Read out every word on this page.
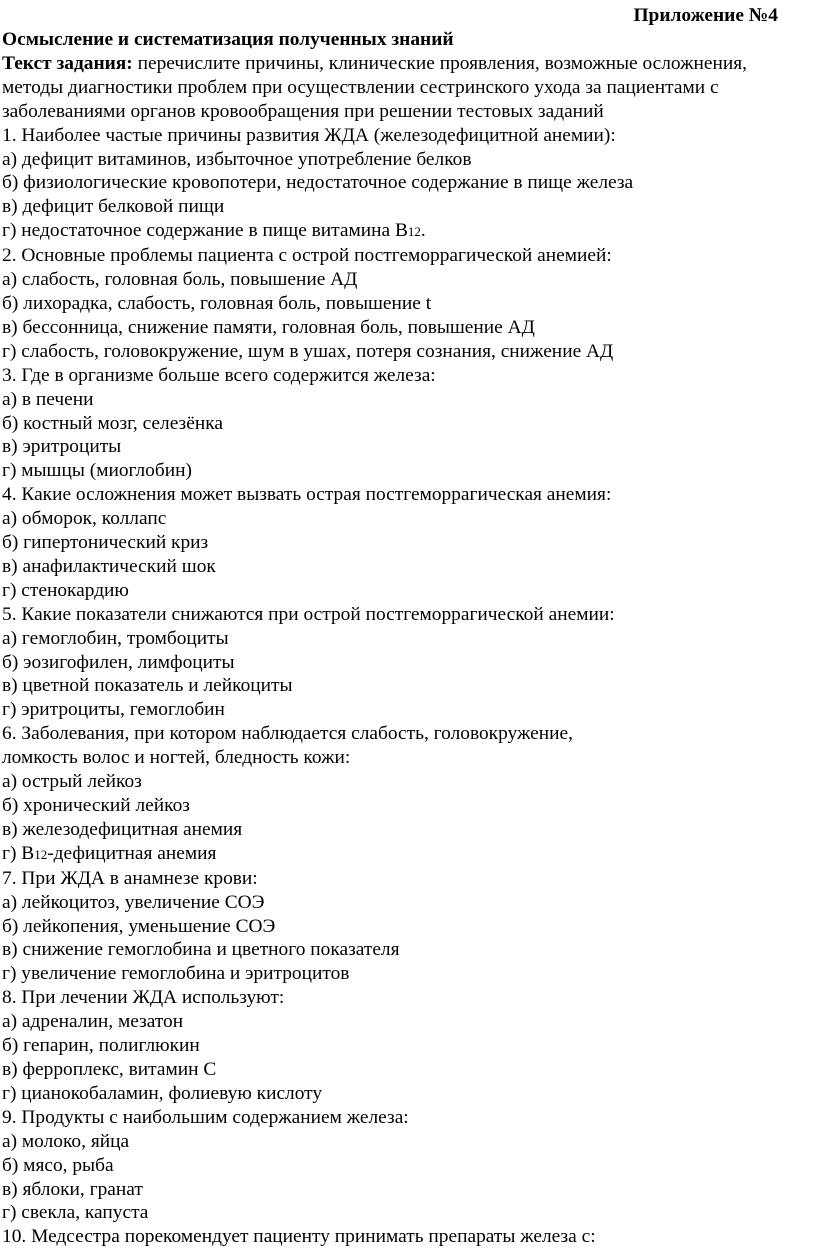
Приложение №4
Осмысление и систематизация полученных знаний
Текст задания: перечислите причины, клинические проявления, возможные осложнения,
методы диагностики проблем при осуществлении сестринского ухода за пациентами с
заболеваниями органов кровообращения при решении тестовых заданий
1. Наиболее частые причины развития ЖДА (железодефицитной анемии):
а) дефицит витаминов, избыточное употребление белков
б) физиологические кровопотери, недостаточное содержание в пище железа
в) дефицит белковой пищи
г) недостаточное содержание в пище витамина В12.
2. Основные проблемы пациента с острой постгеморрагической анемией:
а) слабость, головная боль, повышение АД
б) лихорадка, слабость, головная боль, повышение t
в) бессонница, снижение памяти, головная боль, повышение АД
г) слабость, головокружение, шум в ушах, потеря сознания, снижение АД
3. Где в организме больше всего содержится железа:
а) в печени
б) костный мозг, селезёнка
в) эритроциты
г) мышцы (миоглобин)
4. Какие осложнения может вызвать острая постгеморрагическая анемия:
а) обморок, коллапс
б) гипертонический криз
в) анафилактический шок
г) стенокардию
5. Какие показатели снижаются при острой постгеморрагической анемии:
а) гемоглобин, тромбоциты
б) эозигофилен, лимфоциты
в) цветной показатель и лейкоциты
г) эритроциты, гемоглобин
6. Заболевания, при котором наблюдается слабость, головокружение,
ломкость волос и ногтей, бледность кожи:
а) острый лейкоз
б) хронический лейкоз
в) железодефицитная анемия
г) В12-дефицитная анемия
7. При ЖДА в анамнезе крови:
а) лейкоцитоз, увеличение СОЭ
б) лейкопения, уменьшение СОЭ
в) снижение гемоглобина и цветного показателя
г) увеличение гемоглобина и эритроцитов
8. При лечении ЖДА используют:
а) адреналин, мезатон
б) гепарин, полиглюкин
в) ферроплекс, витамин С
г) цианокобаламин, фолиевую кислоту
9. Продукты с наибольшим содержанием железа:
а) молоко, яйца
б) мясо, рыба
в) яблоки, гранат
г) свекла, капуста
10. Медсестра порекомендует пациенту принимать препараты железа с:
